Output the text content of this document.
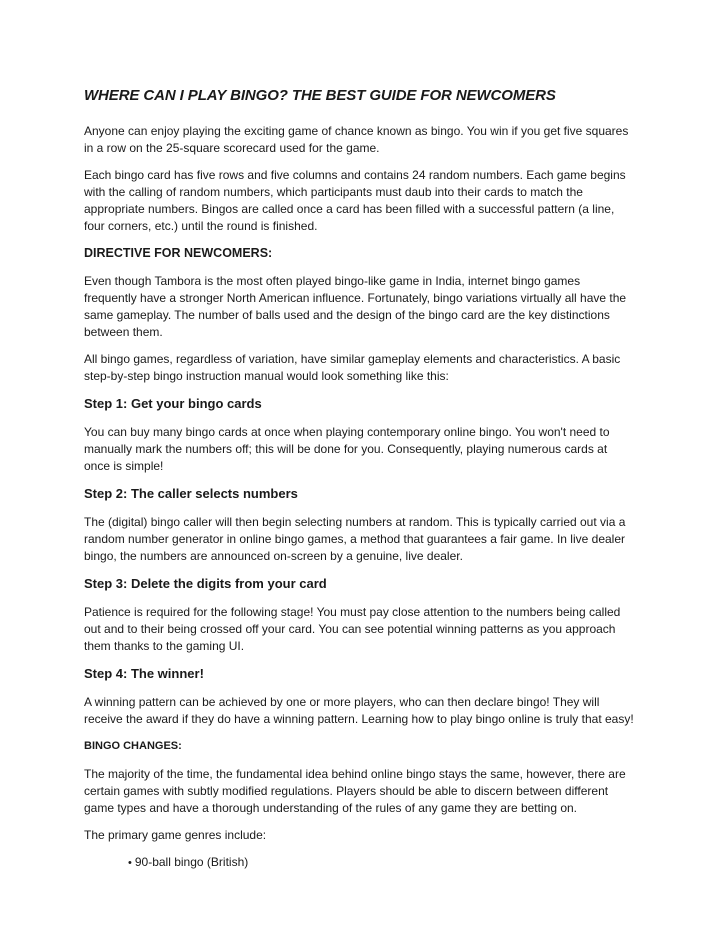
WHERE CAN I PLAY BINGO? THE BEST GUIDE FOR NEWCOMERS

Anyone can enjoy playing the exciting game of chance known as bingo. You win if you get five squares in a row on the 25-square scorecard used for the game.

Each bingo card has five rows and five columns and contains 24 random numbers. Each game begins with the calling of random numbers, which participants must daub into their cards to match the appropriate numbers. Bingos are called once a card has been filled with a successful pattern (a line, four corners, etc.) until the round is finished.

DIRECTIVE FOR NEWCOMERS:

Even though Tambora is the most often played bingo-like game in India, internet bingo games frequently have a stronger North American influence. Fortunately, bingo variations virtually all have the same gameplay. The number of balls used and the design of the bingo card are the key distinctions between them.

All bingo games, regardless of variation, have similar gameplay elements and characteristics. A basic step-by-step bingo instruction manual would look something like this:

Step 1: Get your bingo cards

You can buy many bingo cards at once when playing contemporary online bingo. You won't need to manually mark the numbers off; this will be done for you. Consequently, playing numerous cards at once is simple!

Step 2: The caller selects numbers

The (digital) bingo caller will then begin selecting numbers at random. This is typically carried out via a random number generator in online bingo games, a method that guarantees a fair game. In live dealer bingo, the numbers are announced on-screen by a genuine, live dealer.

Step 3: Delete the digits from your card

Patience is required for the following stage! You must pay close attention to the numbers being called out and to their being crossed off your card. You can see potential winning patterns as you approach them thanks to the gaming UI.

Step 4: The winner!

A winning pattern can be achieved by one or more players, who can then declare bingo! They will receive the award if they do have a winning pattern. Learning how to play bingo online is truly that easy!

BINGO CHANGES:

The majority of the time, the fundamental idea behind online bingo stays the same, however, there are certain games with subtly modified regulations. Players should be able to discern between different game types and have a thorough understanding of the rules of any game they are betting on.

The primary game genres include:

• 90-ball bingo (British)
